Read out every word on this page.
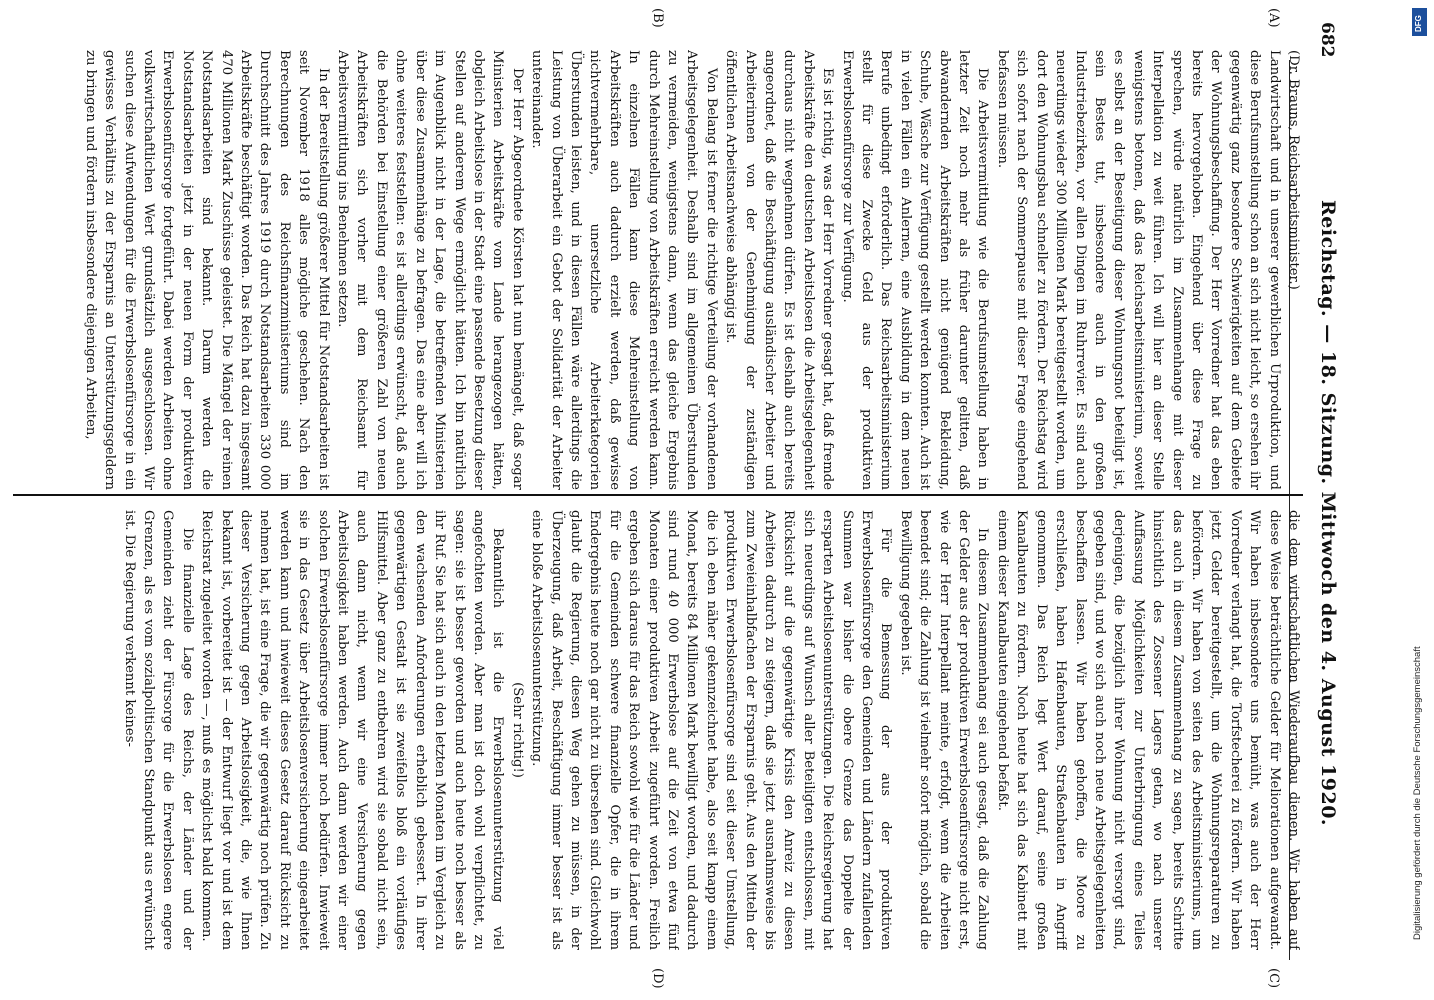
682
Reichstag. — 18. Sitzung. Mittwoch den 4. August 1920.
(A)
(B)
(C)
(D)

(Dr. Brauns, Reichsarbeitsminister.)

Landwirtschaft und in unserer gewerblichen Urproduktion, und diese Berufsumstellung schon an sich nicht leicht, so ersehen ihr gegenwärtig ganz besondere Schwierigkeiten auf dem Gebiete der Wohnungsbeschaffung. Der Herr Vorredner hat das eben bereits hervorgehoben. Eingehend über diese Frage zu sprechen, würde natürlich im Zusammenhange mit dieser Interpellation zu weit führen. Ich will hier an dieser Stelle wenigstens betonen, daß das Reichsarbeitsministerium, soweit es selbst an der Beseitigung dieser Wohnungsnot beteiligt ist, sein Bestes tut, insbesondere auch in den großen Industriebezirken, vor allen Dingen im Ruhrrevier. Es sind auch neuerdings wieder 300 Millionen Mark bereitgestellt worden, um dort den Wohnungsbau schneller zu fördern. Der Reichstag wird sich sofort nach der Sommerpause mit dieser Frage eingehend befassen müssen.

Die Arbeitsvermittlung wie die Berufsumstellung haben in letzter Zeit noch mehr als früher darunter gelitten, daß abwandernden Arbeitskräften nicht genügend Bekleidung, Schuhe, Wäsche zur Verfügung gestellt werden konnten. Auch ist in vielen Fällen ein Anlernen, eine Ausbildung in dem neuen Berufe unbedingt erforderlich. Das Reichsarbeitsministerium stellt für diese Zwecke Geld aus der produktiven Erwerbslosenfürsorge zur Verfügung.

Es ist richtig, was der Herr Vorredner gesagt hat, daß fremde Arbeitskräfte den deutschen Arbeitslosen die Arbeitsgelegenheit durchaus nicht wegnehmen dürfen. Es ist deshalb auch bereits angeordnet, daß die Beschäftigung ausländischer Arbeiter und Arbeiterinnen von der Genehmigung der zuständigen öffentlichen Arbeitsnachweise abhängig ist.

Von Belang ist ferner die richtige Verteilung der vorhandenen Arbeitsgelegenheit. Deshalb sind im allgemeinen Überstunden zu vermeiden, wenigstens dann, wenn das gleiche Ergebnis durch Mehreinstellung von Arbeitskräften erreicht werden kann. In einzelnen Fällen kann diese Mehreinstellung von Arbeitskräften auch dadurch erzielt werden, daß gewisse nichtvermehrbare, unersetzliche Arbeiterkategorien Überstunden leisten, und in diesen Fällen wäre allerdings die Leistung von Überarbeit ein Gebot der Solidarität der Arbeiter untereinander.

Der Herr Abgeordnete Körsten hat nun bemängelt, daß sogar Ministerien Arbeitskräfte vom Lande herangezogen hätten, obgleich Arbeitslose in der Stadt eine passende Besetzung dieser Stellen auf anderem Wege ermöglicht hätten. Ich bin natürlich im Augenblick nicht in der Lage, die betreffenden Ministerien über diese Zusammenhänge zu befragen. Das eine aber will ich ohne weiteres feststellen: es ist allerdings erwünscht, daß auch die Behörden bei Einstellung einer größeren Zahl von neuen Arbeitskräften sich vorher mit dem Reichsamt für Arbeitsvermittlung ins Benehmen setzen.

In der Bereitstellung größerer Mittel für Notstandsarbeiten ist seit November 1918 alles mögliche geschehen. Nach den Berechnungen des Reichsfinanzministeriums sind im Durchschnitt des Jahres 1919 durch Notstandsarbeiten 330 000 Arbeitskräfte beschäftigt worden. Das Reich hat dazu insgesamt 470 Millionen Mark Zuschüsse geleistet. Die Mängel der reinen Notstandsarbeiten sind bekannt. Darum werden die Notstandsarbeiten jetzt in der neuen Form der produktiven Erwerbslosenfürsorge fortgeführt. Dabei werden Arbeiten ohne volkswirtschaftlichen Wert grundsätzlich ausgeschlossen. Wir suchen diese Aufwendungen für die Erwerbslosenfürsorge in ein gewisses Verhältnis zu der Ersparnis an Unterstützungsgeldern zu bringen und fördern insbesondere diejenigen Arbeiten,

die dem wirtschaftlichen Wiederaufbau dienen. Wir haben auf diese Weise beträchtliche Gelder für Meliorationen aufgewandt. Wir haben insbesondere uns bemüht, was auch der Herr Vorredner verlangt hat, die Torfstecherei zu fördern. Wir haben jetzt Gelder bereitgestellt, um die Wohnungsreparaturen zu befördern. Wir haben von seiten des Arbeitsministeriums, um das auch in diesem Zusammenhang zu sagen, bereits Schritte hinsichtlich des Zossener Lagers getan, wo nach unserer Auffassung Möglichkeiten zur Unterbringung eines Teiles derjenigen, die bezüglich ihrer Wohnung nicht versorgt sind, gegeben sind, und wo sich auch noch neue Arbeitsgelegenheiten beschaffen lassen. Wir haben gehoffen, die Moore zu erschließen, haben Hafenbauten, Straßenbauten in Angriff genommen. Das Reich legt Wert darauf, seine großen Kanalbauten zu fördern. Noch heute hat sich das Kabinett mit einem dieser Kanalbauten eingehend befaßt.

In diesem Zusammenhang sei auch gesagt, daß die Zahlung der Gelder aus der produktiven Erwerbslosenfürsorge nicht erst, wie der Herr Interpellant meinte, erfolgt, wenn die Arbeiten beendet sind; die Zahlung ist vielmehr sofort möglich, sobald die Bewilligung gegeben ist.

Für die Bemessung der aus der produktiven Erwerbslosenfürsorge den Gemeinden und Ländern zufallenden Summen war bisher die obere Grenze das Doppelte der ersparten Arbeitslosenunterstützungen. Die Reichsregierung hat sich neuerdings auf Wunsch aller Beteiligten entschlossen, mit Rücksicht auf die gegenwärtige Krisis den Anreiz zu diesen Arbeiten dadurch zu steigern, daß sie jetzt ausnahmsweise bis zum Zweieinhalbfachen der Ersparnis geht. Aus den Mitteln der produktiven Erwerbslosenfürsorge sind seit dieser Umstellung, die ich eben näher gekennzeichnet habe, also seit knapp einem Monat, bereits 84 Millionen Mark bewilligt worden, und dadurch sind rund 40 000 Erwerbslose auf die Zeit von etwa fünf Monaten einer produktiven Arbeit zugeführt worden. Freilich ergeben sich daraus für das Reich sowohl wie für die Länder und für die Gemeinden schwere finanzielle Opfer, die in ihrem Endergebnis heute noch gar nicht zu übersehen sind. Gleichwohl glaubt die Regierung, diesen Weg gehen zu müssen, in der Überzeugung, daß Arbeit, Beschäftigung immer besser ist als eine bloße Arbeitslosenunterstützung.

(Sehr richtig!)

Bekanntlich ist die Erwerbslosenunterstützung viel angefochten worden. Aber man ist doch wohl verpflichtet, zu sagen: sie ist besser geworden und auch heute noch besser als ihr Ruf. Sie hat sich auch in den letzten Monaten im Vergleich zu den wachsenden Anforderungen erheblich gebessert. In ihrer gegenwärtigen Gestalt ist sie zweifellos bloß ein vorläufiges Hilfsmittel. Aber ganz zu entbehren wird sie sobald nicht sein, auch dann nicht, wenn wir eine Versicherung gegen Arbeitslosigkeit haben werden. Auch dann werden wir einer solchen Erwerbslosenfürsorge immer noch bedürfen. Inwieweit sie in das Gesetz über Arbeitslosenversicherung eingearbeitet werden kann und inwieweit dieses Gesetz darauf Rücksicht zu nehmen hat, ist eine Frage, die wir gegenwärtig noch prüfen. Zu dieser Versicherung gegen Arbeitslosigkeit, die, wie Ihnen bekannt ist, vorbereitet ist — der Entwurf liegt vor und ist dem Reichsrat zugeleitet worden —, muß es möglichst bald kommen.

Die finanzielle Lage des Reichs, der Länder und der Gemeinden zieht der Fürsorge für die Erwerbslosen engere Grenzen, als es vom sozialpolitischen Standpunkt aus erwünscht ist. Die Regierung verkennt keines-

Digitalisierung gefördert durch die Deutsche Forschungsgemeinschaft
DFG
